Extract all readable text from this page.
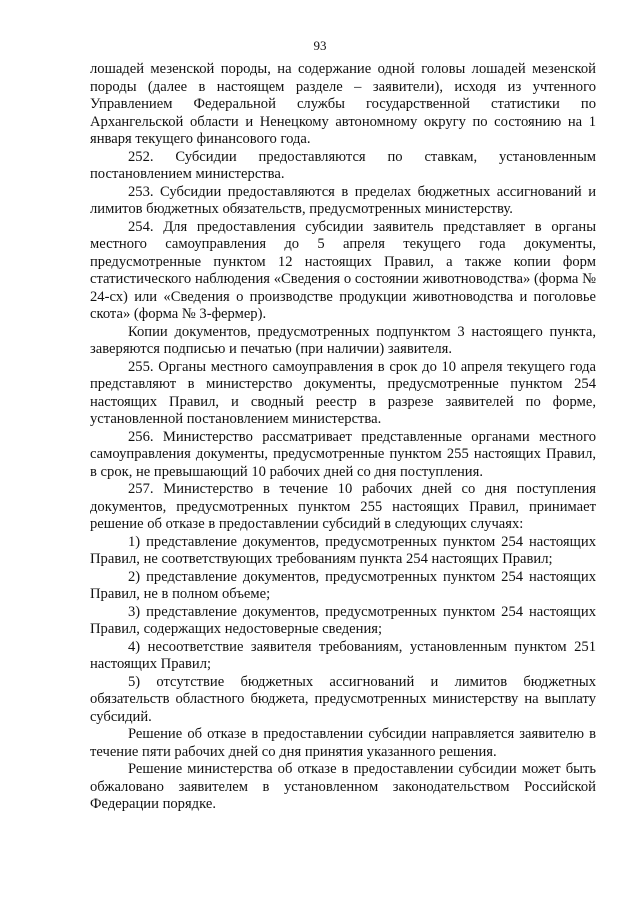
93

лошадей мезенской породы, на содержание одной головы лошадей мезенской породы (далее в настоящем разделе – заявители), исходя из учтенного Управлением Федеральной службы государственной статистики по Архангельской области и Ненецкому автономному округу по состоянию на 1 января текущего финансового года.

252. Субсидии предоставляются по ставкам, установленным постановлением министерства.

253. Субсидии предоставляются в пределах бюджетных ассигнований и лимитов бюджетных обязательств, предусмотренных министерству.

254. Для предоставления субсидии заявитель представляет в органы местного самоуправления до 5 апреля текущего года документы, предусмотренные пунктом 12 настоящих Правил, а также копии форм статистического наблюдения «Сведения о состоянии животноводства» (форма № 24-сх) или «Сведения о производстве продукции животноводства и поголовье скота» (форма № 3-фермер).

Копии документов, предусмотренных подпунктом 3 настоящего пункта, заверяются подписью и печатью (при наличии) заявителя.

255. Органы местного самоуправления в срок до 10 апреля текущего года представляют в министерство документы, предусмотренные пунктом 254 настоящих Правил, и сводный реестр в разрезе заявителей по форме, установленной постановлением министерства.

256. Министерство рассматривает представленные органами местного самоуправления документы, предусмотренные пунктом 255 настоящих Правил, в срок, не превышающий 10 рабочих дней со дня поступления.

257. Министерство в течение 10 рабочих дней со дня поступления документов, предусмотренных пунктом 255 настоящих Правил, принимает решение об отказе в предоставлении субсидий в следующих случаях:

1) представление документов, предусмотренных пунктом 254 настоящих Правил, не соответствующих требованиям пункта 254 настоящих Правил;

2) представление документов, предусмотренных пунктом 254 настоящих Правил, не в полном объеме;

3) представление документов, предусмотренных пунктом 254 настоящих Правил, содержащих недостоверные сведения;

4) несоответствие заявителя требованиям, установленным пунктом 251 настоящих Правил;

5) отсутствие бюджетных ассигнований и лимитов бюджетных обязательств областного бюджета, предусмотренных министерству на выплату субсидий.

Решение об отказе в предоставлении субсидии направляется заявителю в течение пяти рабочих дней со дня принятия указанного решения.

Решение министерства об отказе в предоставлении субсидии может быть обжаловано заявителем в установленном законодательством Российской Федерации порядке.
